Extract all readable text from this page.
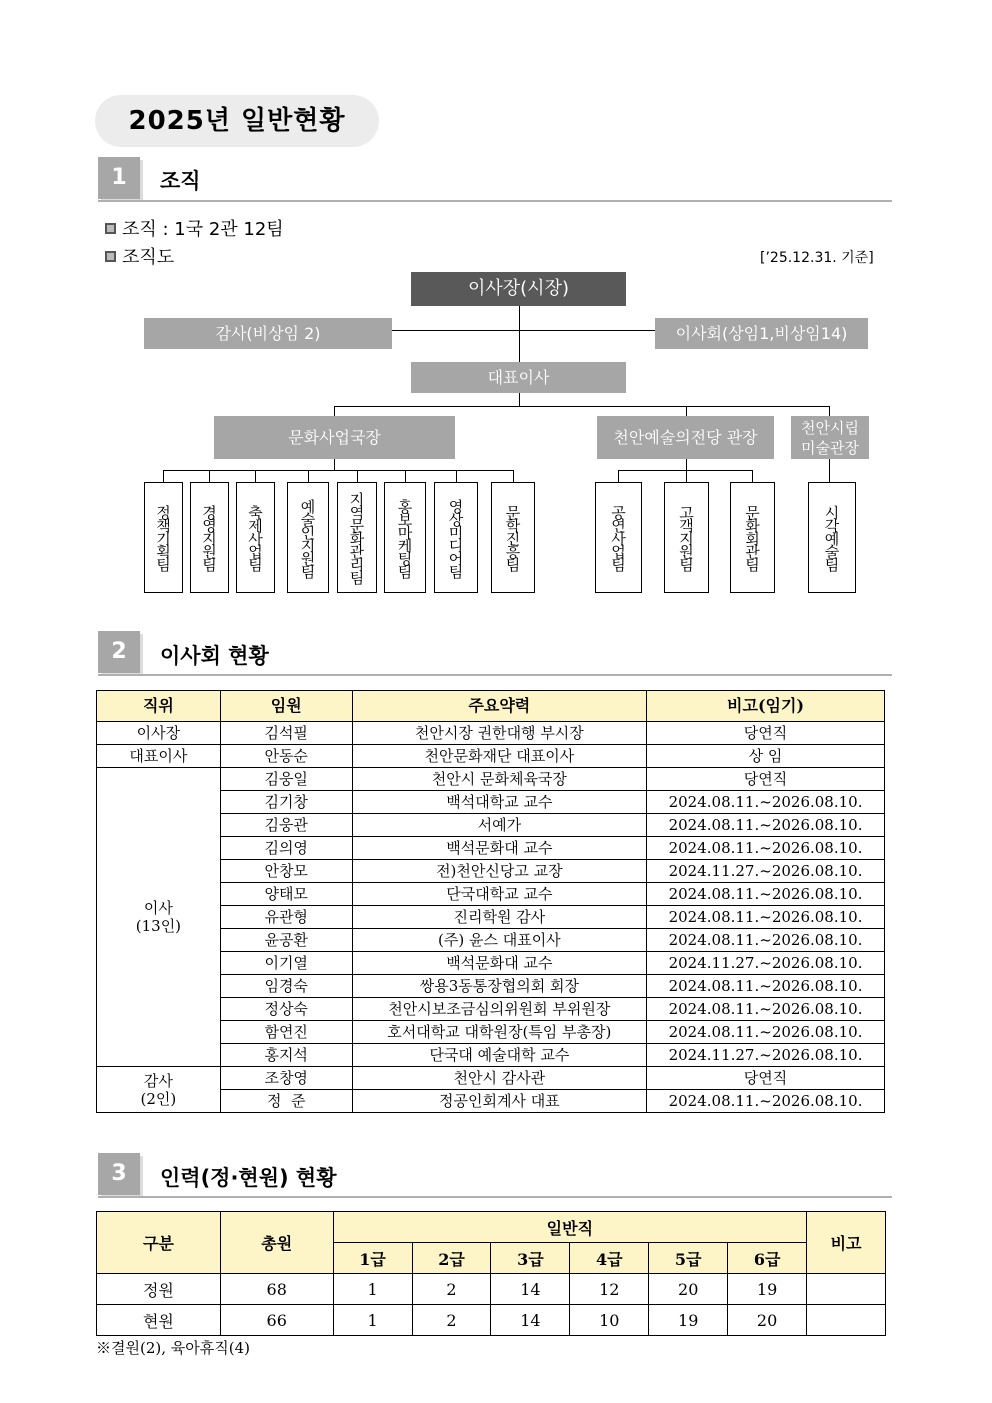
2025년 일반현황
1	조직
조직 : 1국 2관 12팀
조직도	[’25.12.31. 기준]
이사장(시장)
감사(비상임 2)	이사회(상임1,비상임14)
대표이사
문화사업국장	천안예술의전당 관장
천안시립 미술관장
정책기획팀	경영지원팀	축제사업팀	예술인지원팀	지역문화관리팀	홍보마케팅팀	영상미디어팀	문학진흥팀	공연사업팀	고객지원팀	문화회관팀	시각예술팀
2	이사회 현황
직위	임원	주요약력	비고(임기)
이사장	김석필	천안시장 권한대행 부시장	당연직
대표이사	안동순	천안문화재단 대표이사	상 임
이사
(13인)	김웅일	천안시 문화체육국장	당연직
	김기창	백석대학교 교수	2024.08.11.~2026.08.10.
	김웅관	서예가	2024.08.11.~2026.08.10.
	김의영	백석문화대 교수	2024.08.11.~2026.08.10.
	안창모	전)천안신당고 교장	2024.11.27.~2026.08.10.
	양태모	단국대학교 교수	2024.08.11.~2026.08.10.
	유관형	진리학원 감사	2024.08.11.~2026.08.10.
	윤공환	(주) 윤스 대표이사	2024.08.11.~2026.08.10.
	이기열	백석문화대 교수	2024.11.27.~2026.08.10.
	임경숙	쌍용3동통장협의회 회장	2024.08.11.~2026.08.10.
	정상숙	천안시보조금심의위원회 부위원장	2024.08.11.~2026.08.10.
	함연진	호서대학교 대학원장(특임 부총장)	2024.08.11.~2026.08.10.
	홍지석	단국대 예술대학 교수	2024.11.27.~2026.08.10.
감사
(2인)	조창영	천안시 감사관	당연직
	정  준	정공인회계사 대표	2024.08.11.~2026.08.10.
3	인력(정·현원) 현황
구분	총원	일반직						비고
		1급	2급	3급	4급	5급	6급	
정원	68	1	2	14	12	20	19	
현원	66	1	2	14	10	19	20	
※결원(2), 육아휴직(4)
